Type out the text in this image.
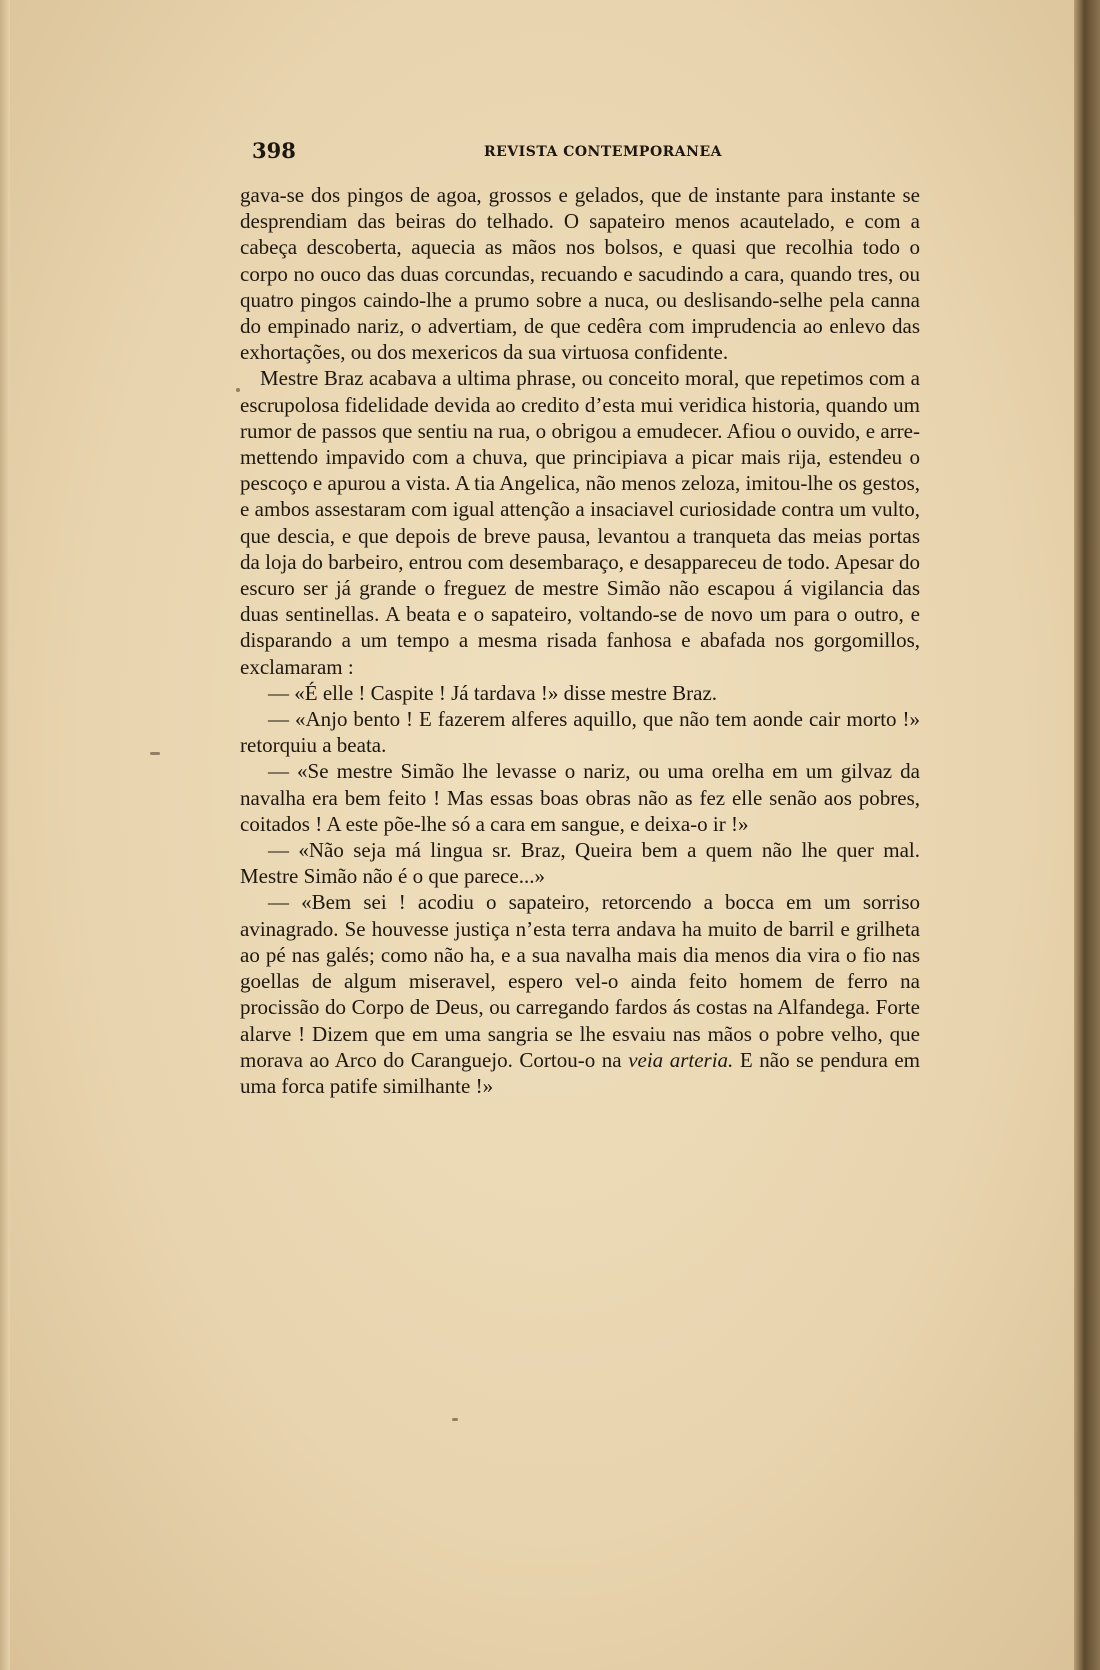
398	REVISTA CONTEMPORANEA

gava-se dos pingos de agoa, grossos e gelados, que de instante para instante se desprendiam das beiras do telhado. O sapateiro menos acautelado, e com a cabeça descoberta, aquecia as mãos nos bolsos, e quasi que recolhia todo o corpo no ouco das duas corcundas, recuando e sacudindo a cara, quando tres, ou quatro pingos caindo-lhe a prumo sobre a nuca, ou deslisando-selhe pela canna do empinado nariz, o advertiam, de que cedêra com imprudencia ao enlevo das exhortações, ou dos mexericos da sua virtuosa confidente.

Mestre Braz acabava a ultima phrase, ou conceito moral, que repetimos com a escrupolosa fidelidade devida ao credito d’esta mui veridica historia, quando um rumor de passos que sentiu na rua, o obrigou a emudecer. Afiou o ouvido, e arremettendo impavido com a chuva, que principiava a picar mais rija, estendeu o pescoço e apurou a vista. A tia Angelica, não menos zeloza, imitou-lhe os gestos, e ambos assestaram com igual attenção a insaciavel curiosidade contra um vulto, que descia, e que depois de breve pausa, levantou a tranqueta das meias portas da loja do barbeiro, entrou com desembaraço, e desappareceu de todo. Apesar do escuro ser já grande o freguez de mestre Simão não escapou á vigilancia das duas sentinellas. A beata e o sapateiro, voltando-se de novo um para o outro, e disparando a um tempo a mesma risada fanhosa e abafada nos gorgomillos, exclamaram :

— «É elle ! Caspite ! Já tardava !» disse mestre Braz.

— «Anjo bento ! E fazerem alferes aquillo, que não tem aonde cair morto !» retorquiu a beata.

— «Se mestre Simão lhe levasse o nariz, ou uma orelha em um gilvaz da navalha era bem feito ! Mas essas boas obras não as fez elle senão aos pobres, coitados ! A este põe-lhe só a cara em sangue, e deixa-o ir !»

— «Não seja má lingua sr. Braz, Queira bem a quem não lhe quer mal. Mestre Simão não é o que parece...»

— «Bem sei ! acodiu o sapateiro, retorcendo a bocca em um sorriso avinagrado. Se houvesse justiça n’esta terra andava ha muito de barril e grilheta ao pé nas galés; como não ha, e a sua navalha mais dia menos dia vira o fio nas goellas de algum miseravel, espero vel-o ainda feito homem de ferro na procissão do Corpo de Deus, ou carregando fardos ás costas na Alfandega. Forte alarve ! Dizem que em uma sangria se lhe esvaiu nas mãos o pobre velho, que morava ao Arco do Caranguejo. Cortou-o na veia arteria. E não se pendura em uma forca patife similhante !»
